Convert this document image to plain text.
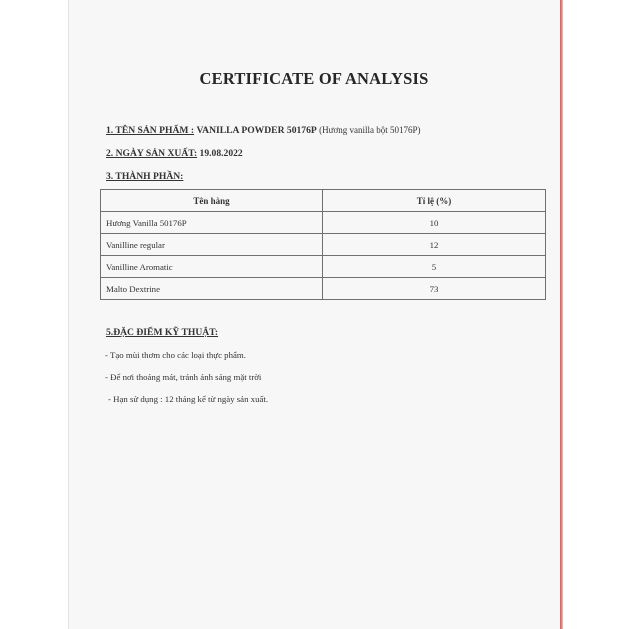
CERTIFICATE OF ANALYSIS
1. TÊN SẢN PHẨM : VANILLA POWDER 50176P (Hương vanilla bột 50176P)
2. NGÀY SẢN XUẤT: 19.08.2022
3. THÀNH PHẦN:
Tên hàng	Tỉ lệ (%)
Hương Vanilla 50176P	10
Vanilline regular	12
Vanilline Aromatic	5
Malto Dextrine	73
5.ĐẶC ĐIỂM KỸ THUẬT:
- Tạo mùi thơm cho các loại thực phẩm.
- Để nơi thoáng mát, tránh ánh sáng mặt trời
- Hạn sử dụng : 12 tháng kể từ ngày sản xuất.
